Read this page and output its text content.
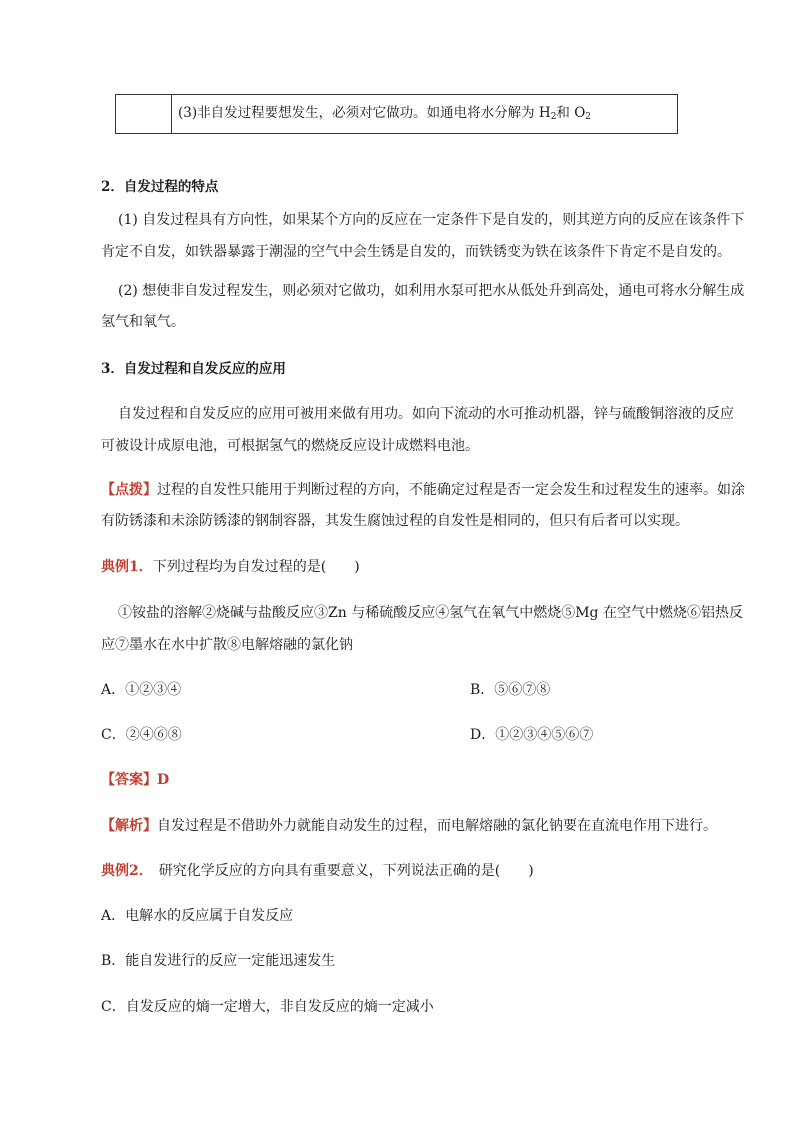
(3)非自发过程要想发生，必须对它做功。如通电将水分解为 $H_2$和 $O_2$
2．自发过程的特点
(1) 自发过程具有方向性，如果某个方向的反应在一定条件下是自发的，则其逆方向的反应在该条件下
肯定不自发，如铁器暴露于潮湿的空气中会生锈是自发的，而铁锈变为铁在该条件下肯定不是自发的。
(2) 想使非自发过程发生，则必须对它做功，如利用水泵可把水从低处升到高处，通电可将水分解生成
氢气和氧气。
3．自发过程和自发反应的应用
自发过程和自发反应的应用可被用来做有用功。如向下流动的水可推动机器，锌与硫酸铜溶液的反应
可被设计成原电池，可根据氢气的燃烧反应设计成燃料电池。
【点拨】过程的自发性只能用于判断过程的方向，不能确定过程是否一定会发生和过程发生的速率。如涂
有防锈漆和未涂防锈漆的钢制容器，其发生腐蚀过程的自发性是相同的，但只有后者可以实现。
典例1．下列过程均为自发过程的是(　　)
①铵盐的溶解②烧碱与盐酸反应③Zn 与稀硫酸反应④氢气在氧气中燃烧⑤Mg 在空气中燃烧⑥铝热反
应⑦墨水在水中扩散⑧电解熔融的氯化钠
A．①②③④	B．⑤⑥⑦⑧
C．②④⑥⑧	D．①②③④⑤⑥⑦
【答案】D
【解析】自发过程是不借助外力就能自动发生的过程，而电解熔融的氯化钠要在直流电作用下进行。
典例2． 研究化学反应的方向具有重要意义，下列说法正确的是(　　)
A．电解水的反应属于自发反应
B．能自发进行的反应一定能迅速发生
C．自发反应的熵一定增大，非自发反应的熵一定减小
